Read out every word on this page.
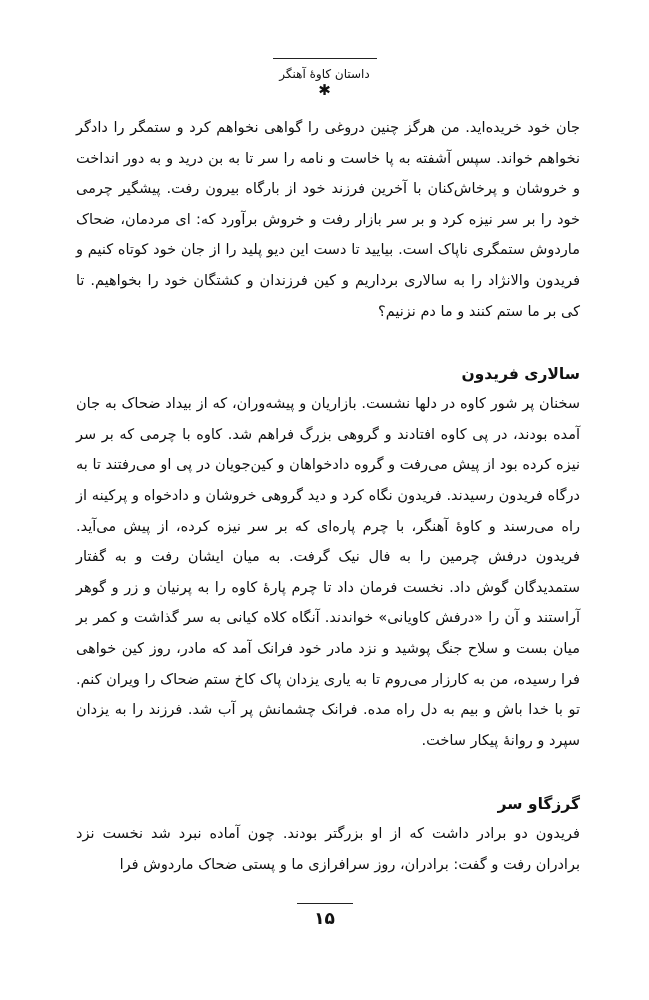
داستان کاوهٔ آهنگر
✱

جان خود خریده‌اید. من هرگز چنین دروغی را گواهی نخواهم کرد و ستمگر را دادگر نخواهم خواند. سپس آشفته به پا خاست و نامه را سر تا به بن درید و به دور انداخت و خروشان و پرخاش‌کنان با آخرین فرزند خود از بارگاه بیرون رفت. پیشگیر چرمی خود را بر سر نیزه کرد و بر سر بازار رفت و خروش برآورد که: ای مردمان، ضحاک ماردوش ستمگری ناپاک است. بیایید تا دست این دیو پلید را از جان خود کوتاه کنیم و فریدون والانژاد را به سالاری برداریم و کین فرزندان و کشتگان خود را بخواهیم. تا کی بر ما ستم کنند و ما دم نزنیم؟

سالاری فریدون

سخنان پر شور کاوه در دلها نشست. بازاریان و پیشه‌وران، که از بیداد ضحاک به جان آمده بودند، در پی کاوه افتادند و گروهی بزرگ فراهم شد. کاوه با چرمی که بر سر نیزه کرده بود از پیش می‌رفت و گروه دادخواهان و کین‌جویان در پی او می‌رفتند تا به درگاه فریدون رسیدند. فریدون نگاه کرد و دید گروهی خروشان و دادخواه و پرکینه از راه می‌رسند و کاوهٔ آهنگر، با چرم پاره‌ای که بر سر نیزه کرده، از پیش می‌آید. فریدون درفش چرمین را به فال نیک گرفت. به میان ایشان رفت و به گفتار ستمدیدگان گوش داد. نخست فرمان داد تا چرم پارهٔ کاوه را به پرنیان و زر و گوهر آراستند و آن را «درفش کاویانی» خواندند. آنگاه کلاه کیانی به سر گذاشت و کمر بر میان بست و سلاح جنگ پوشید و نزد مادر خود فرانک آمد که مادر، روز کین خواهی فرا رسیده، من به کارزار می‌روم تا به یاری یزدان پاک کاخ ستم ضحاک را ویران کنم. تو با خدا باش و بیم به دل راه مده. فرانک چشمانش پر آب شد. فرزند را به یزدان سپرد و روانهٔ پیکار ساخت.

گرزگاو سر

فریدون دو برادر داشت که از او بزرگتر بودند. چون آماده نبرد شد نخست نزد برادران رفت و گفت: برادران، روز سرافرازی ما و پستی ضحاک ماردوش فرا

۱۵
